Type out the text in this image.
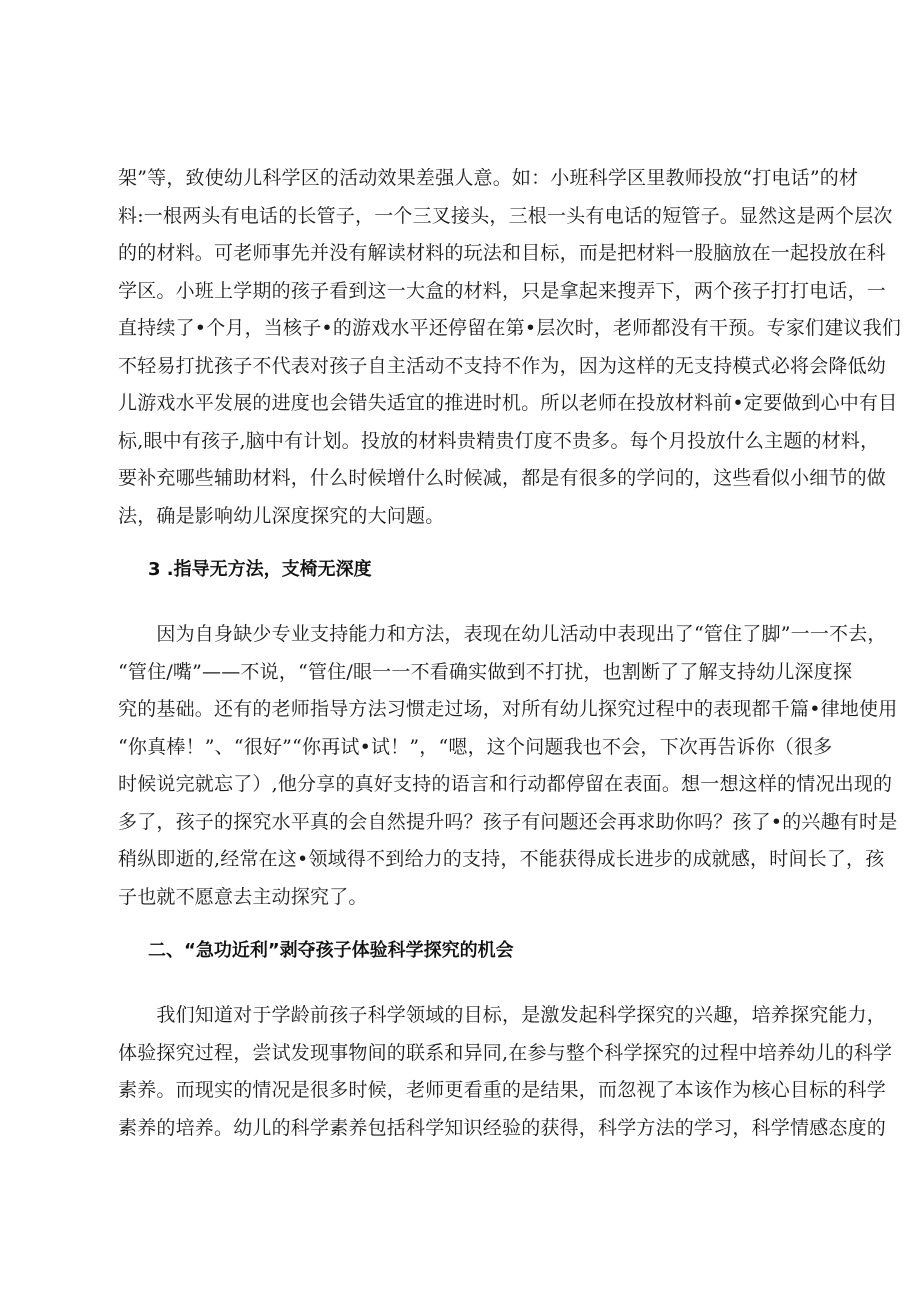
架”等，致使幼儿科学区的活动效果差强人意。如：小班科学区里教师投放“打电话”的材
料:一根两头有电话的长管子，一个三叉接头，三根一头有电话的短管子。显然这是两个层次
的的材料。可老师事先并没有解读材料的玩法和目标，而是把材料一股脑放在一起投放在科
学区。小班上学期的孩子看到这一大盒的材料，只是拿起来搜弄下，两个孩子打打电话，一
直持续了•个月，当核子•的游戏水平还停留在第•层次时，老师都没有干预。专家们建议我们
不轻易打扰孩子不代表对孩子自主活动不支持不作为，因为这样的无支持模式必将会降低幼
儿游戏水平发展的进度也会错失适宜的推进时机。所以老师在投放材料前•定要做到心中有目
标,眼中有孩子,脑中有计划。投放的材料贵精贵仃度不贵多。每个月投放什么主题的材料，
要补充哪些辅助材料，什么时候增什么时候减，都是有很多的学问的，这些看似小细节的做
法，确是影响幼儿深度探究的大问题。
3 .指导无方法，支椅无深度
　　因为自身缺少专业支持能力和方法，表现在幼儿活动中表现出了“管住了脚”一一不去，
“管住/嘴”——不说，“管住/眼一一不看确实做到不打扰，也割断了了解支持幼儿深度探
究的基础。还有的老师指导方法习惯走过场，对所有幼儿探究过程中的表现都千篇•律地使用
“你真棒！”、“很好”“你再试•试！”，“嗯，这个问题我也不会，下次再告诉你（很多
时候说完就忘了）,他分享的真好支持的语言和行动都停留在表面。想一想这样的情况出现的
多了，孩子的探究水平真的会自然提升吗？孩子有问题还会再求助你吗？孩了•的兴趣有时是
稍纵即逝的,经常在这•领域得不到给力的支持，不能获得成长进步的成就感，时间长了，孩
子也就不愿意去主动探究了。
二、“急功近利”剥夺孩子体验科学探究的机会
　　我们知道对于学龄前孩子科学领域的目标，是激发起科学探究的兴趣，培养探究能力，
体验探究过程，尝试发现事物间的联系和异同,在参与整个科学探究的过程中培养幼儿的科学
素养。而现实的情况是很多时候，老师更看重的是结果，而忽视了本该作为核心目标的科学
素养的培养。幼儿的科学素养包括科学知识经验的获得，科学方法的学习，科学情感态度的
